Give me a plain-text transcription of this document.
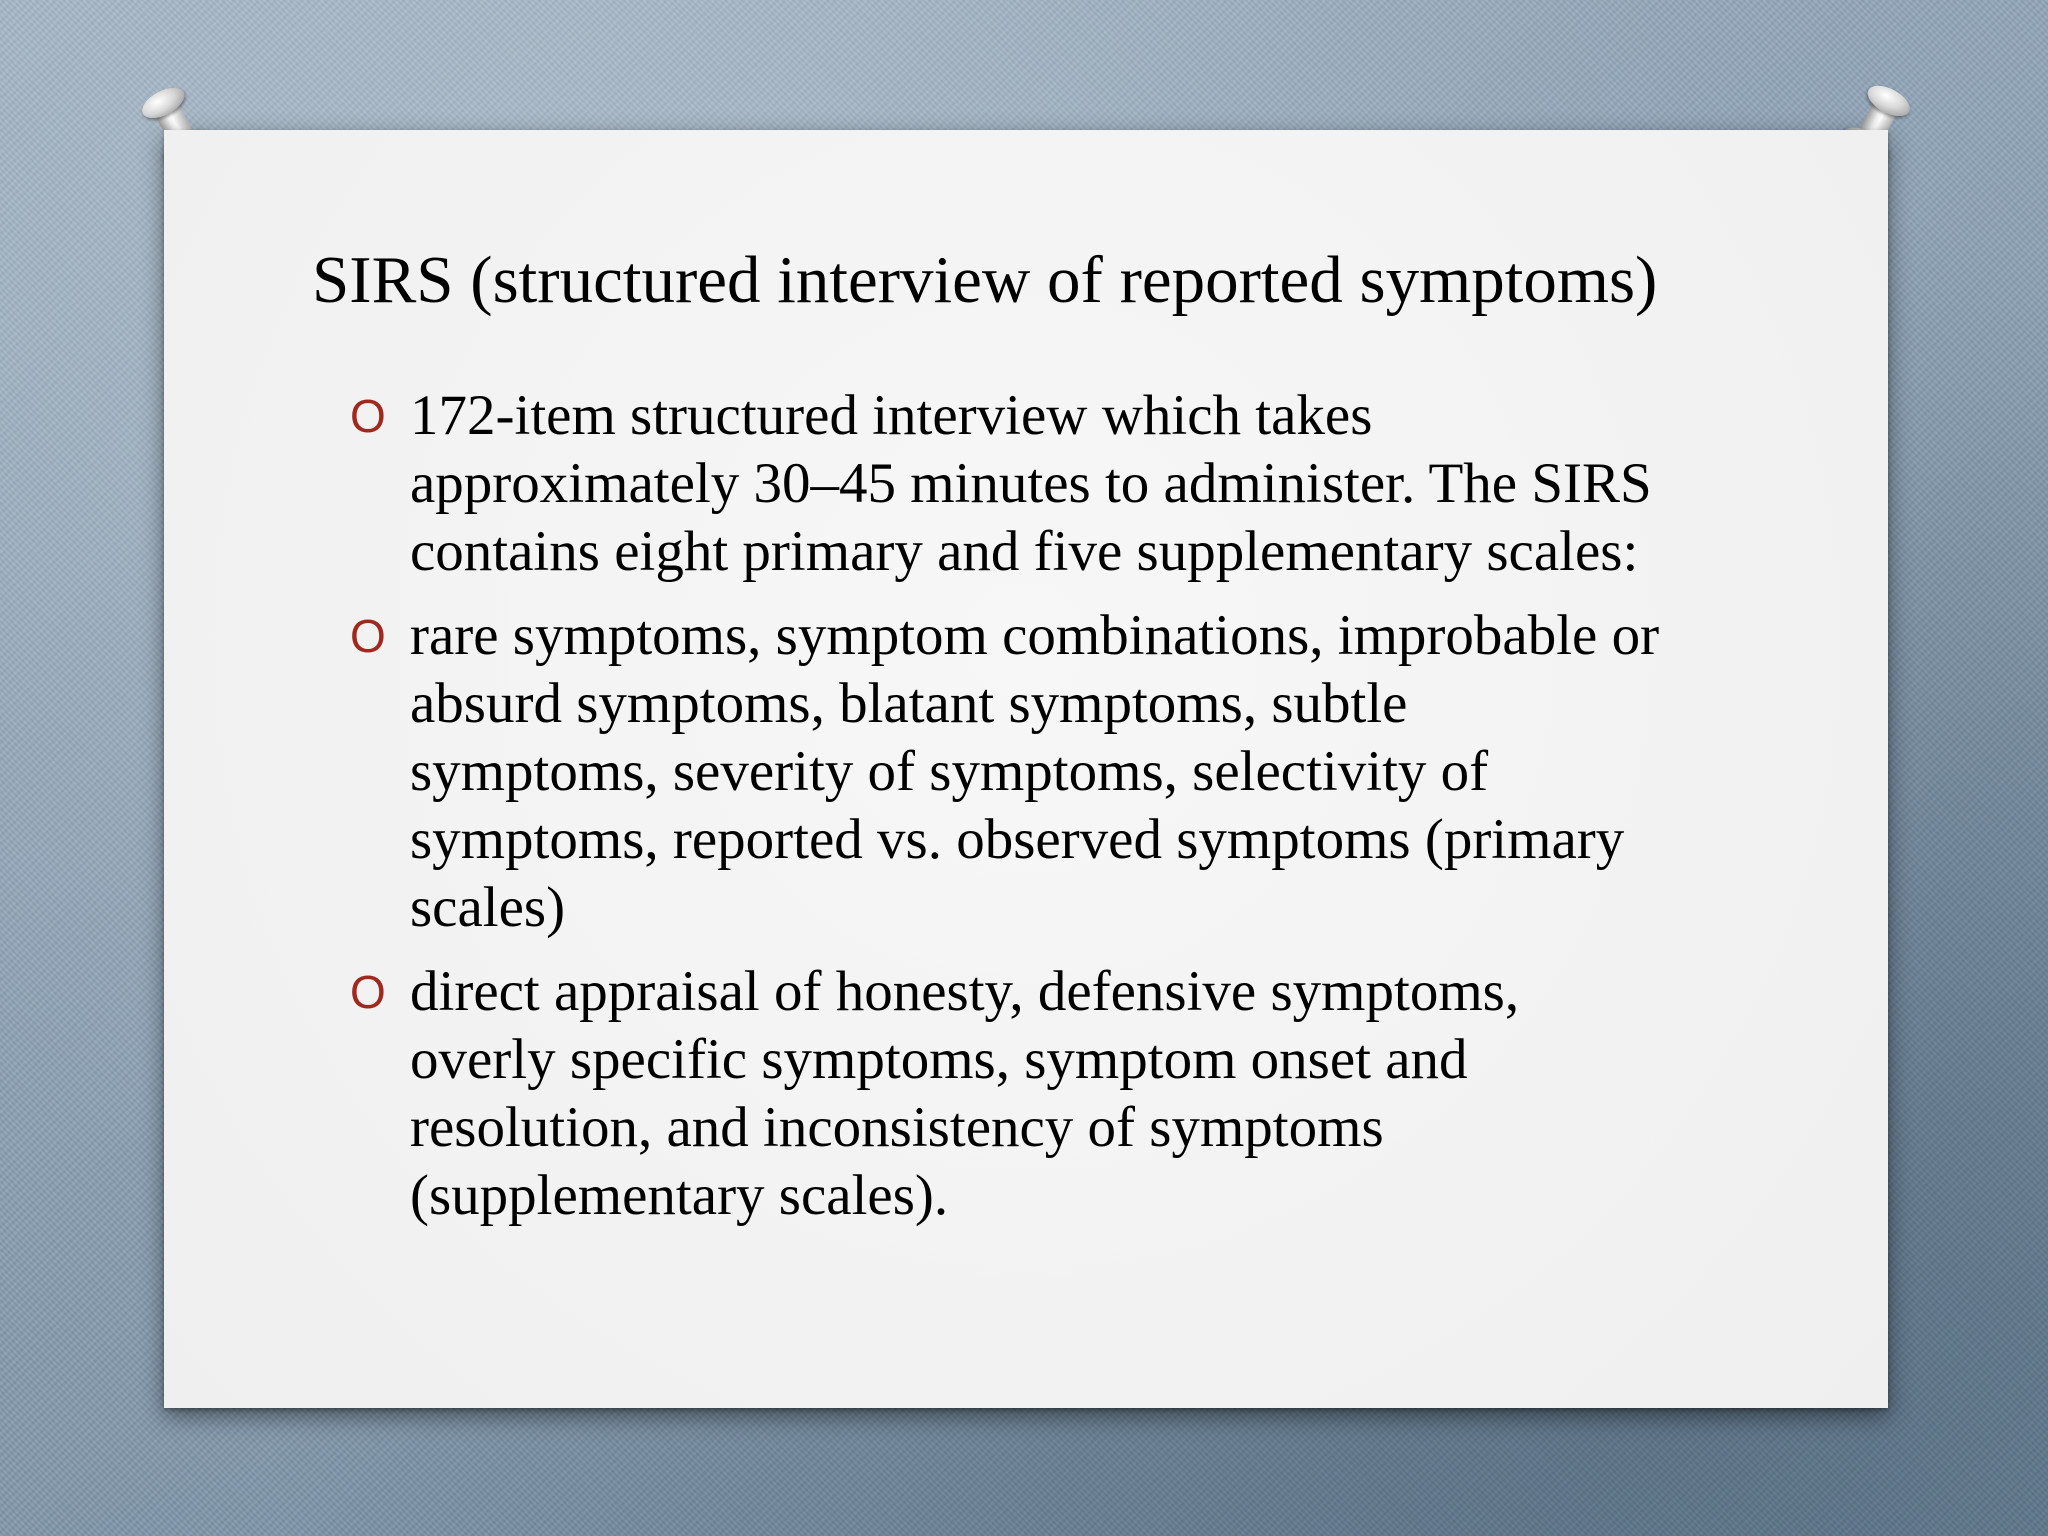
SIRS (structured interview of reported symptoms)
O 172-item structured interview which takes approximately 30–45 minutes to administer. The SIRS contains eight primary and five supplementary scales:
O rare symptoms, symptom combinations, improbable or absurd symptoms, blatant symptoms, subtle symptoms, severity of symptoms, selectivity of symptoms, reported vs. observed symptoms (primary scales)
O direct appraisal of honesty, defensive symptoms, overly specific symptoms, symptom onset and resolution, and inconsistency of symptoms (supplementary scales).
